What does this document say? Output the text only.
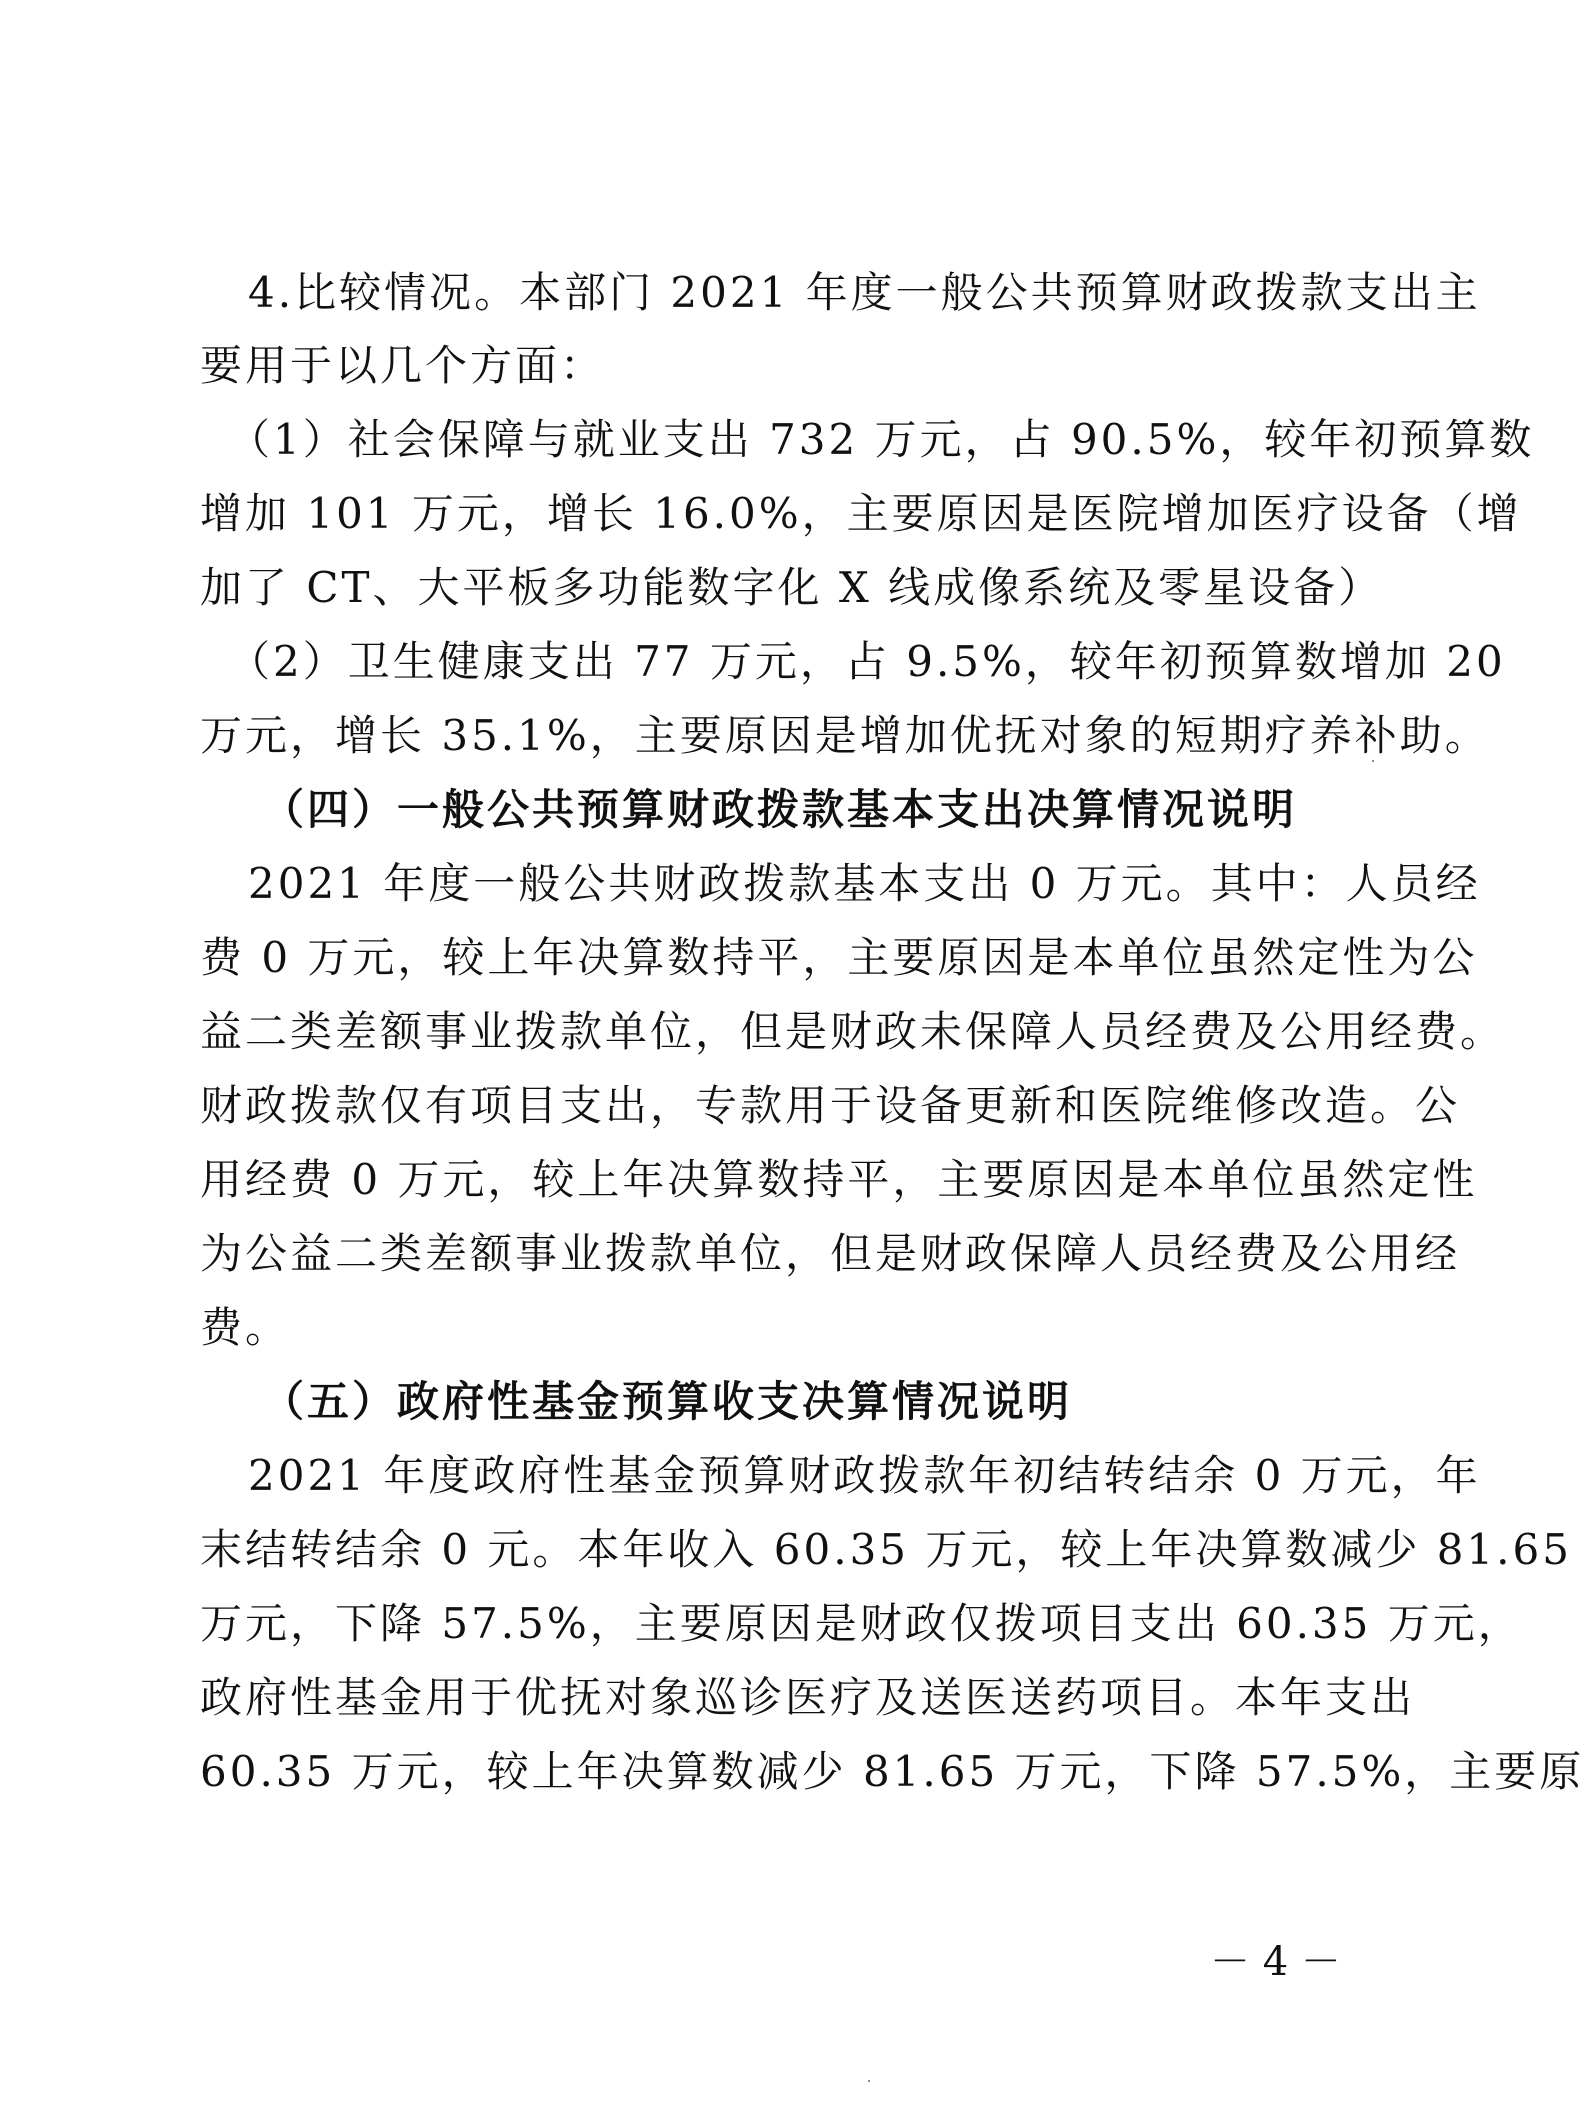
4.比较情况。本部门 2021 年度一般公共预算财政拨款支出主
要用于以几个方面：
（1）社会保障与就业支出 732 万元，占 90.5%，较年初预算数
增加 101 万元，增长 16.0%，主要原因是医院增加医疗设备（增
加了 CT、大平板多功能数字化 X 线成像系统及零星设备）
（2）卫生健康支出 77 万元，占 9.5%，较年初预算数增加 20
万元，增长 35.1%，主要原因是增加优抚对象的短期疗养补助。
（四）一般公共预算财政拨款基本支出决算情况说明
2021 年度一般公共财政拨款基本支出 0 万元。其中：人员经
费 0 万元，较上年决算数持平，主要原因是本单位虽然定性为公
益二类差额事业拨款单位，但是财政未保障人员经费及公用经费。
财政拨款仅有项目支出，专款用于设备更新和医院维修改造。公
用经费 0 万元，较上年决算数持平，主要原因是本单位虽然定性
为公益二类差额事业拨款单位，但是财政保障人员经费及公用经
费。
（五）政府性基金预算收支决算情况说明
2021 年度政府性基金预算财政拨款年初结转结余 0 万元，年
末结转结余 0 元。本年收入 60.35 万元，较上年决算数减少 81.65
万元，下降 57.5%，主要原因是财政仅拨项目支出 60.35 万元，
政府性基金用于优抚对象巡诊医疗及送医送药项目。本年支出
60.35 万元，较上年决算数减少 81.65 万元，下降 57.5%，主要原
－ 4 －
